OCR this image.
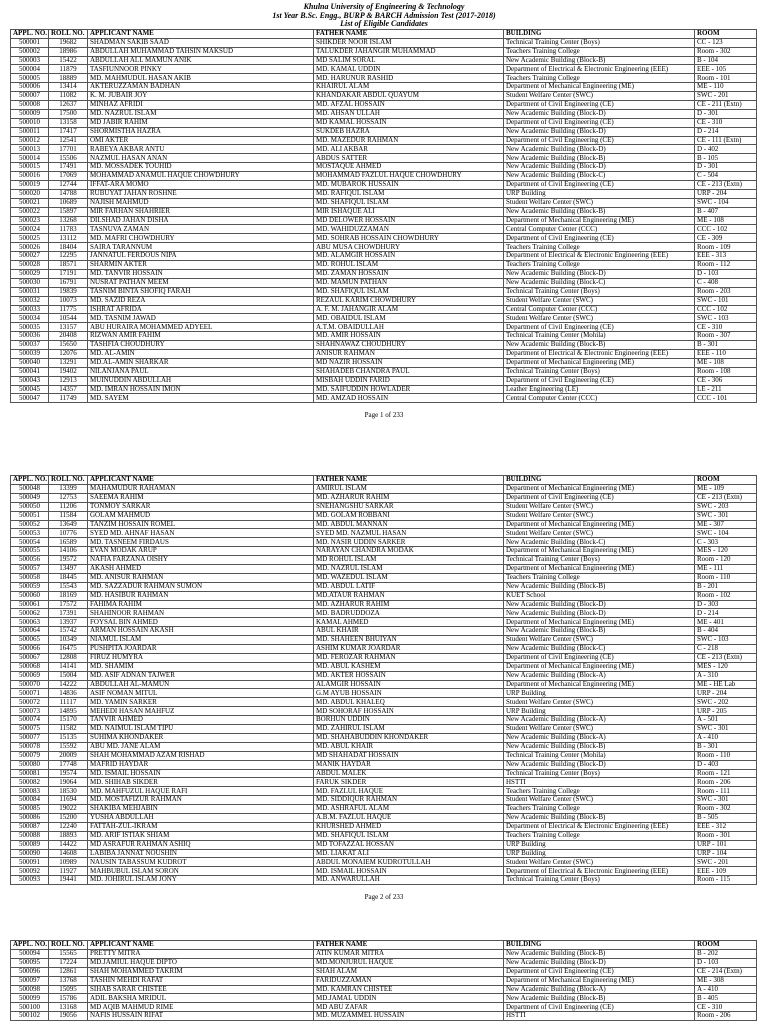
Khulna University of Engineering & Technology
1st Year B.Sc. Engg., BURP & BARCH Admission Test (2017-2018)
List of Eligible Candidates
APPL. NO.	ROLL NO.	APPLICANT NAME	FATHER NAME	BUILDING	ROOM
500001	19682	SHADMAN SAKIB SAAD	SHIKDER NOOR ISLAM	Technical Training Center (Boys)	CC - 123
500002	18986	ABDULLAH MUHAMMAD TAHSIN MAKSUD	TALUKDER JAHANGIR MUHAMMAD	Teachers Training College	Room - 302
500003	15422	ABDULLAH ALL MAMUN ANIK	MD SALIM SORAL	New Academic Building (Block-B)	B - 104
500004	11879	TASFIUNNOOR PINKY	MD. KAMAL UDDIN	Department of Electrical & Electronic Engineering (EEE)	EEE - 105
500005	18889	MD. MAHMUDUL HASAN AKIB	MD. HARUNUR RASHID	Teachers Training College	Room - 101
500006	13414	AKTERUZZAMAN BADHAN	KHAIRUL ALAM	Department of Mechanical Engineering (ME)	ME - 110
500007	11082	K. M. JUBAIR JOY	KHANDAKAR ABDUL QUAYUM	Student Welfare Center (SWC)	SWC - 201
500008	12637	MINHAZ AFRIDI	MD. AFZAL HOSSAIN	Department of Civil Engineering (CE)	CE - 211 (Extn)
500009	17500	MD. NAZRUL ISLAM	MD. AHSAN ULLAH	New Academic Building (Block-D)	D - 301
500010	13158	MD JABIR RAHIM	MD KAMAL HOSSAIN	Department of Civil Engineering (CE)	CE - 310
500011	17417	SHORMISTHA HAZRA	SUKDEB HAZRA	New Academic Building (Block-D)	D - 214
500012	12541	OMI AKTER	MD. MAZEDUR RAHMAN	Department of Civil Engineering (CE)	CE - 111 (Extn)
500013	17701	RABEYA AKBAR ANTU	MD. ALI AKBAR	New Academic Building (Block-D)	D - 402
500014	15506	NAZMUL HASAN ANAN	ABDUS SATTER	New Academic Building (Block-B)	B - 105
500015	17491	MD. MOSSADEK TOUHID	MOSTAQUE AHMED	New Academic Building (Block-D)	D - 301
500016	17069	MOHAMMAD ANAMUL HAQUE CHOWDHURY	MOHAMMAD FAZLUL HAQUE CHOWDHURY	New Academic Building (Block-C)	C - 504
500019	12744	IFFAT-ARA MOMO	MD. MUBAROK HUSSAIN	Department of Civil Engineering (CE)	CE - 213 (Extn)
500020	14788	RUBUYAT JAHAN ROSHNE	MD. RAFIQUL ISLAM	URP Building	URP - 204
500021	10689	NAJISH MAHMUD	MD. SHAFIQUL ISLAM	Student Welfare Center (SWC)	SWC - 104
500022	15897	MIR FARHAN SHAHRIER	MIR ISHAQUE ALI	New Academic Building (Block-B)	B - 407
500023	13268	DILSHAD JAHAN DISHA	MD DELOWER HOSSAIN	Department of Mechanical Engineering (ME)	ME - 108
500024	11783	TASNUVA ZAMAN	MD. WAHIDUZZAMAN	Central Computer Center (CCC)	CCC - 102
500025	13112	MD. MAFRI CHOWDHURY	MD. SOHRAB HOSSAIN CHOWDHURY	Department of Civil Engineering (CE)	CE - 309
500026	18404	SAIRA TARANNUM	ABU MUSA CHOWDHURY	Teachers Training College	Room - 109
500027	12295	JANNATUL FERDOUS NIPA	MD. ALAMGIR HOSSAIN	Department of Electrical & Electronic Engineering (EEE)	EEE - 313
500028	18571	SHARMIN AKTER	MD. ROHUL ISLAM	Teachers Training College	Room - 112
500029	17191	MD. TANVIR HOSSAIN	MD. ZAMAN HOSSAIN	New Academic Building (Block-D)	D - 103
500030	16791	NUSRAT PATHAN MEEM	MD. MAMUN PATHAN	New Academic Building (Block-C)	C - 408
500031	19839	TASNIM BINTA SHOFIQ FARAH	MD. SHAFIQUL ISLAM	Technical Training Center (Boys)	Room - 203
500032	10073	MD. SAZID REZA	REZAUL KARIM CHOWDHURY	Student Welfare Center (SWC)	SWC - 101
500033	11775	ISHRAT AFRIDA	A. F. M. JAHANGIR ALAM	Central Computer Center (CCC)	CCC - 102
500034	10544	MD. TASNIM JAWAD	MD. OBAIDUL ISLAM	Student Welfare Center (SWC)	SWC - 103
500035	13157	ABU HURAIRA MOHAMMED ADYEEL	A.T.M. OBAIDULLAH	Department of Civil Engineering (CE)	CE - 310
500036	20408	RIZWAN AMIR FAHIM	MD. AMIR HOSSAIN	Technical Training Center (Mohila)	Room - 307
500037	15650	TASHFIA CHOUDHURY	SHAHNAWAZ CHOUDHURY	New Academic Building (Block-B)	B - 301
500039	12076	MD. AL-AMIN	ANISUR RAHMAN	Department of Electrical & Electronic Engineering (EEE)	EEE - 110
500040	13291	MD.AL-AMIN SHARKAR	MD NAZIR HOSSAIN	Department of Mechanical Engineering (ME)	ME - 108
500041	19402	NILANJANA PAUL	SHAHADEB CHANDRA PAUL	Technical Training Center (Boys)	Room - 108
500043	12913	MUINUDDIN ABDULLAH	MISBAH UDDIN FARID	Department of Civil Engineering (CE)	CE - 306
500045	14357	MD. IMRAN HOSSAIN IMON	MD. SAIFUDDIN HOWLADER	Leather Engineering (LE)	LE - 211
500047	11749	MD. SAYEM	MD. AMZAD HOSSAIN	Central Computer Center (CCC)	CCC - 101
Page 1 of 233
APPL. NO.	ROLL NO.	APPLICANT NAME	FATHER NAME	BUILDING	ROOM
500048	13399	MAHAMUDUR RAHAMAN	AMIRUL ISLAM	Department of Mechanical Engineering (ME)	ME - 109
500049	12753	SAEEMA RAHIM	MD. AZHARUR RAHIM	Department of Civil Engineering (CE)	CE - 213 (Extn)
500050	11206	TONMOY SARKAR	SNEHANGSHU SARKAR	Student Welfare Center (SWC)	SWC - 203
500051	11584	GOLAM MAHMUD	MD. GOLAM ROBBANI	Student Welfare Center (SWC)	SWC - 301
500052	13649	TANZIM HOSSAIN ROMEL	MD. ABDUL MANNAN	Department of Mechanical Engineering (ME)	ME - 307
500053	10776	SYED MD. AHNAF HASAN	SYED MD. NAZMUL HASAN	Student Welfare Center (SWC)	SWC - 104
500054	16589	MD. TASNEEM FIRDAUS	MD. NASIR UDDIN SARKER	New Academic Building (Block-C)	C - 303
500055	14106	EVAN MODAK ARUP	NARAYAN CHANDRA MODAK	Department of Mechanical Engineering (ME)	MES - 120
500056	19572	NAFIA FARZANA OISHY	MD ROHUL ISLAM	Technical Training Center (Boys)	Room - 120
500057	13497	AKASH AHMED	MD. NAZRUL ISLAM	Department of Mechanical Engineering (ME)	ME - 111
500058	18445	MD. ANISUR RAHMAN	MD. WAZEDUL ISLAM	Teachers Training College	Room - 110
500059	15543	MD. SAZZADUR RAHMAN SUMON	MD. ABDUL LATIF	New Academic Building (Block-B)	B - 201
500060	18169	MD. HASIBUR RAHMAN	MD.ATAUR RAHMAN	KUET School	Room - 102
500061	17572	FAHIMA RAHIM	MD. AZHARUR RAHIM	New Academic Building (Block-D)	D - 303
500062	17391	SHAHINOOR RAHMAN	MD. BADRUDDOZA	New Academic Building (Block-D)	D - 214
500063	13937	FOYSAL BIN AHMED	KAMAL AHMED	Department of Mechanical Engineering (ME)	ME - 401
500064	15742	ARMAN HOSSAIN AKASH	ABUL KHAIR	New Academic Building (Block-B)	B - 404
500065	10349	NIAMUL ISLAM	MD. SHAHEEN BHUIYAN	Student Welfare Center (SWC)	SWC - 103
500066	16475	PUSHPITA JOARDAR	ASHIM KUMAR JOARDAR	New Academic Building (Block-C)	C - 218
500067	12808	FIRUZ HUMYRA	MD. FEROZAR RAHMAN	Department of Civil Engineering (CE)	CE - 213 (Extn)
500068	14141	MD. SHAMIM	MD. ABUL KASHEM	Department of Mechanical Engineering (ME)	MES - 120
500069	15004	MD. ASIF ADNAN TAJWER	MD. AKTER HOSSAIN	New Academic Building (Block-A)	A - 310
500070	14222	ABDULLAH AL-MAMUN	ALAMGIR HOSSAIN	Department of Mechanical Engineering (ME)	ME - HE Lab
500071	14836	ASIF NOMAN MITUL	G.M AYUB HOSSAIN	URP Building	URP - 204
500072	11117	MD. YAMIN SARKER	MD. ABDUL KHALEQ	Student Welfare Center (SWC)	SWC - 202
500073	14895	MEHEDI HASAN MAHFUZ	MD SOHORAF HOSSAIN	URP Building	URP - 205
500074	15170	TANVIR AHMED	BORHUN UDDIN	New Academic Building (Block-A)	A - 501
500075	11582	MD. NAIMUL ISLAM TIPU	MD. ZAHIRUL ISLAM	Student Welfare Center (SWC)	SWC - 301
500077	15135	SUHIMA KHONDAKER	MD. SHAHABUDDIN KHONDAKER	New Academic Building (Block-A)	A - 410
500078	15592	ABU MD. JANE ALAM	MD. ABUL KHAIR	New Academic Building (Block-B)	B - 301
500079	20009	SHAH MOHAMMAD AZAM RISHAD	MD SHAHADAT HOSSAIN	Technical Training Center (Mohila)	Room - 110
500080	17748	MAFRID HAYDAR	MANIK HAYDAR	New Academic Building (Block-D)	D - 403
500081	19574	MD. ISMAIL HOSSAIN	ABDUL MALEK	Technical Training Center (Boys)	Room - 121
500082	19064	MD. SHIHAB SIKDER	FARUK SIKDER	HSTTI	Room - 206
500083	18530	MD. MAHFUZUL HAQUE RAFI	MD. FAZLUL HAQUE	Teachers Training College	Room - 111
500084	11694	MD. MOSTAFIZUR RAHMAN	MD. SIDDIQUR RAHMAN	Student Welfare Center (SWC)	SWC - 301
500085	19022	SHAKIBA MEHJABIN	MD. ASHRAFUL ALAM	Teachers Training College	Room - 302
500086	15200	YUSHA ABDULLAH	A.B.M. FAZLUL HAQUE	New Academic Building (Block-B)	B - 505
500087	12240	FATTAH-ZUL-IKRAM	KHURSHED AHMED	Department of Electrical & Electronic Engineering (EEE)	EEE - 312
500088	18893	MD. ARIF ISTIAK SHIAM	MD. SHAFIQUL ISLAM	Teachers Training College	Room - 301
500089	14422	MD ASRAFUR RAHMAN ASHIQ	MD TOFAZZAL HOSSAN	URP Building	URP - 101
500090	14608	LABIBA JANNAT NOUSHIN	MD. LIAKAT ALI	URP Building	URP - 104
500091	10989	NAUSIN TABASSUM KUDROT	ABDUL MONAIEM KUDROTULLAH	Student Welfare Center (SWC)	SWC - 201
500092	11927	MAHBUBUL ISLAM SORON	MD. ISMAIL HOSSAIN	Department of Electrical & Electronic Engineering (EEE)	EEE - 109
500093	19441	MD. JOHIRUL ISLAM JONY	MD. ANWARULLAH	Technical Training Center (Boys)	Room - 115
Page 2 of 233
APPL. NO.	ROLL NO.	APPLICANT NAME	FATHER NAME	BUILDING	ROOM
500094	15565	PRETTY MITRA	ATIN KUMAR MITRA	New Academic Building (Block-B)	B - 202
500095	17224	MD.JAMIUL HAQUE DIPTO	MD.MONJURUL HAQUE	New Academic Building (Block-D)	D - 103
500096	12861	SHAH MOHAMMED TAKRIM	SHAH ALAM	Department of Civil Engineering (CE)	CE - 214 (Extn)
500097	13768	TASHIN MEHDI RAFAT	FARIDUZZAMAN	Department of Mechanical Engineering (ME)	ME - 308
500098	15095	SIHAB SARAR CHISTEE	MD. KAMRAN CHISTEE	New Academic Building (Block-A)	A - 410
500099	15786	ADIL BAKSHA MRIDUL	MD.JAMAL UDDIN	New Academic Building (Block-B)	B - 405
500100	13168	MD AQIB MAHMUD RIME	MD ABU ZAFAR	Department of Civil Engineering (CE)	CE - 310
500102	19056	NAFIS HUSSAIN RIFAT	MD. MUZAMMEL HUSSAIN	HSTTI	Room - 206
